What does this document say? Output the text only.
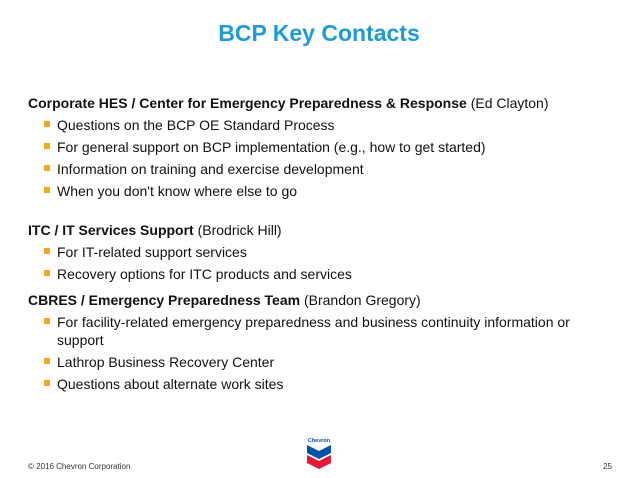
BCP Key Contacts
Corporate HES / Center for Emergency Preparedness & Response (Ed Clayton)
Questions on the BCP OE Standard Process
For general support on BCP implementation (e.g., how to get started)
Information on training and exercise development
When you don't know where else to go
ITC / IT Services Support (Brodrick Hill)
For IT-related support services
Recovery options for ITC products and services
CBRES / Emergency Preparedness Team (Brandon Gregory)
For facility-related emergency preparedness and business continuity information or support
Lathrop Business Recovery Center
Questions about alternate work sites
© 2016 Chevron Corporation	25
Chevron
